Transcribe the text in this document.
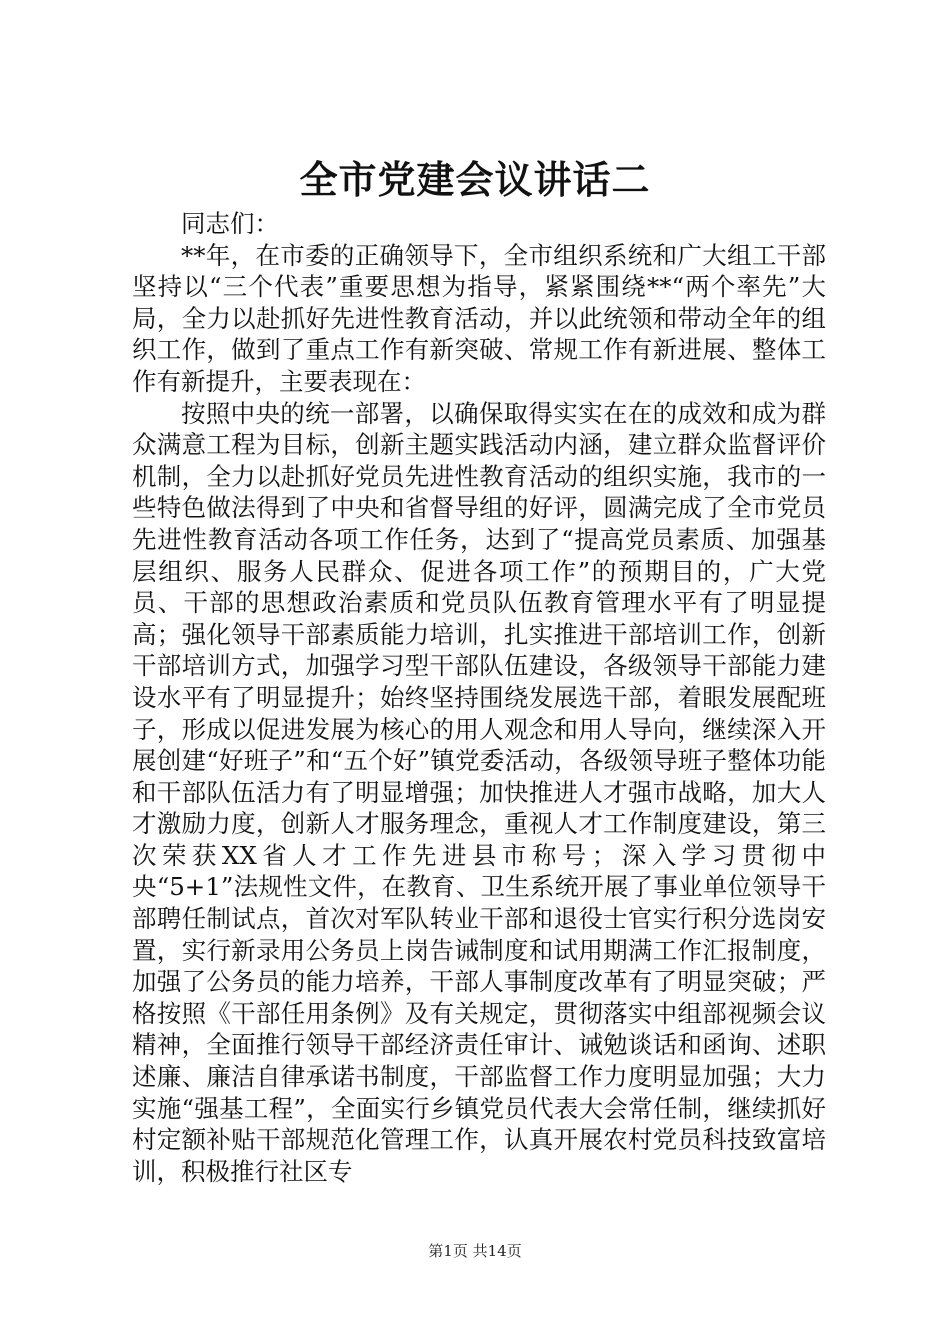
全市党建会议讲话二

同志们：

**年，在市委的正确领导下，全市组织系统和广大组工干部坚持以“三个代表”重要思想为指导，紧紧围绕**“两个率先”大局，全力以赴抓好先进性教育活动，并以此统领和带动全年的组织工作，做到了重点工作有新突破、常规工作有新进展、整体工作有新提升，主要表现在：

按照中央的统一部署，以确保取得实实在在的成效和成为群众满意工程为目标，创新主题实践活动内涵，建立群众监督评价机制，全力以赴抓好党员先进性教育活动的组织实施，我市的一些特色做法得到了中央和省督导组的好评，圆满完成了全市党员先进性教育活动各项工作任务，达到了“提高党员素质、加强基层组织、服务人民群众、促进各项工作”的预期目的，广大党员、干部的思想政治素质和党员队伍教育管理水平有了明显提高；强化领导干部素质能力培训，扎实推进干部培训工作，创新干部培训方式，加强学习型干部队伍建设，各级领导干部能力建设水平有了明显提升；始终坚持围绕发展选干部，着眼发展配班子，形成以促进发展为核心的用人观念和用人导向，继续深入开展创建“好班子”和“五个好”镇党委活动，各级领导班子整体功能和干部队伍活力有了明显增强；加快推进人才强市战略，加大人才激励力度，创新人才服务理念，重视人才工作制度建设，第三次荣获XX省人才工作先进县市称号；深入学习贯彻中央“5+1”法规性文件，在教育、卫生系统开展了事业单位领导干部聘任制试点，首次对军队转业干部和退役士官实行积分选岗安置，实行新录用公务员上岗告诫制度和试用期满工作汇报制度，加强了公务员的能力培养，干部人事制度改革有了明显突破；严格按照《干部任用条例》及有关规定，贯彻落实中组部视频会议精神，全面推行领导干部经济责任审计、诫勉谈话和函询、述职述廉、廉洁自律承诺书制度，干部监督工作力度明显加强；大力实施“强基工程”，全面实行乡镇党员代表大会常任制，继续抓好村定额补贴干部规范化管理工作，认真开展农村党员科技致富培训，积极推行社区专

第1页 共14页
